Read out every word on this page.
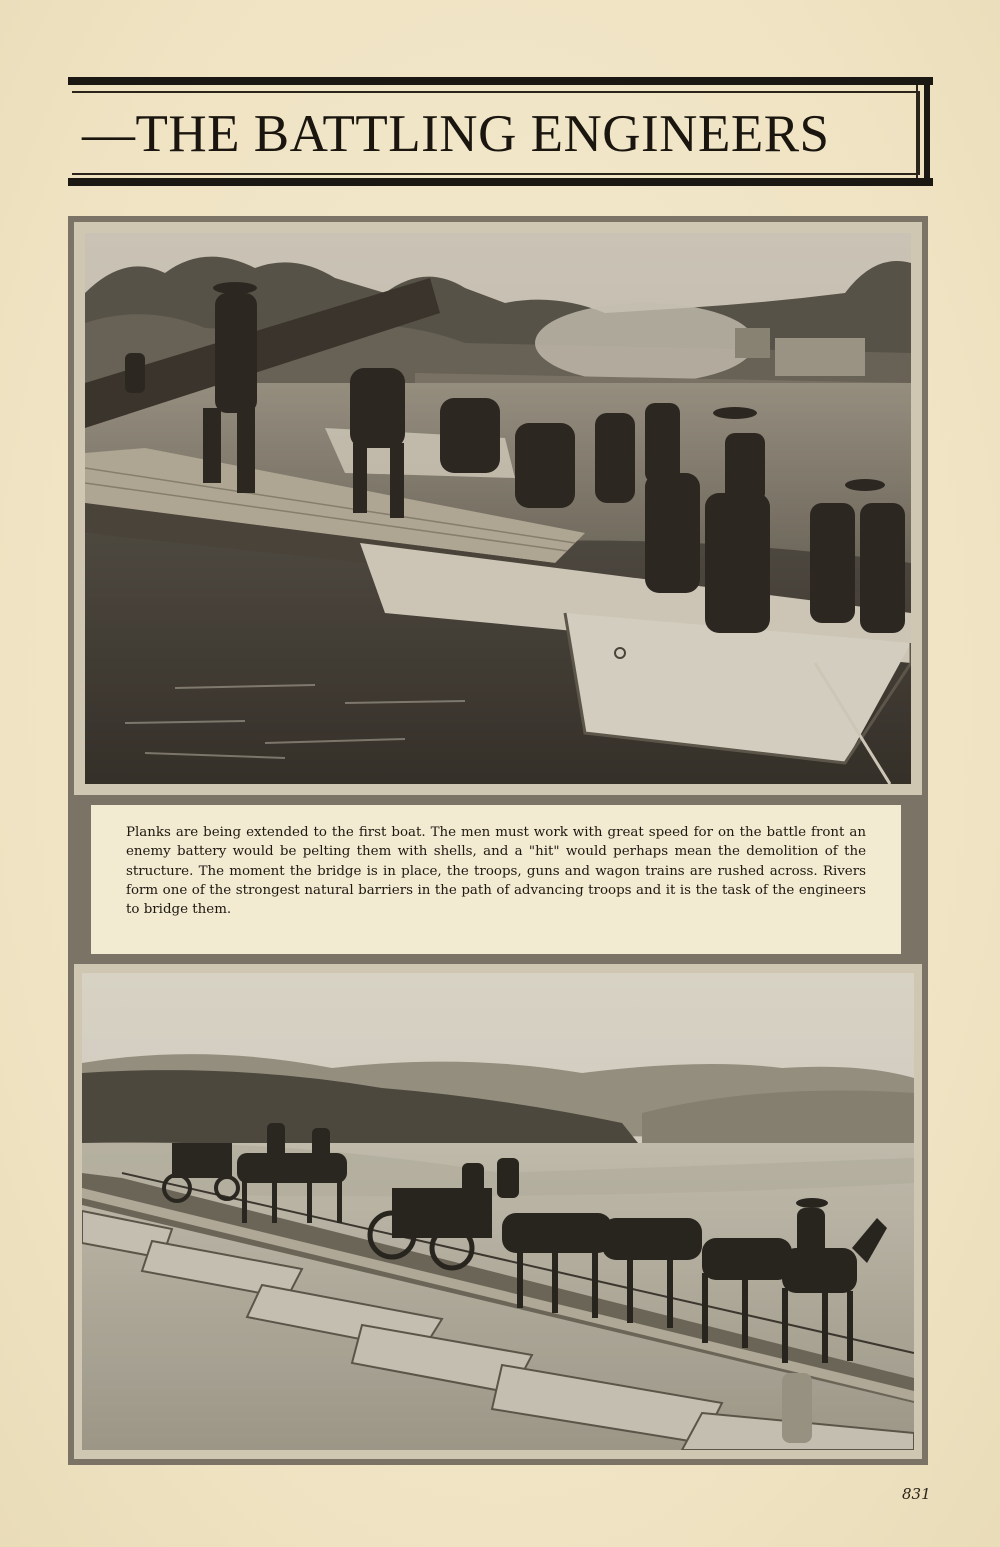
—THE BATTLING ENGINEERS
Planks are being extended to the first boat. The men must work with great speed for on the battle front an enemy battery would be pelting them with shells, and a "hit" would perhaps mean the demolition of the structure. The moment the bridge is in place, the troops, guns and wagon trains are rushed across. Rivers form one of the strongest natural barriers in the path of advancing troops and it is the task of the engineers to bridge them.
831
